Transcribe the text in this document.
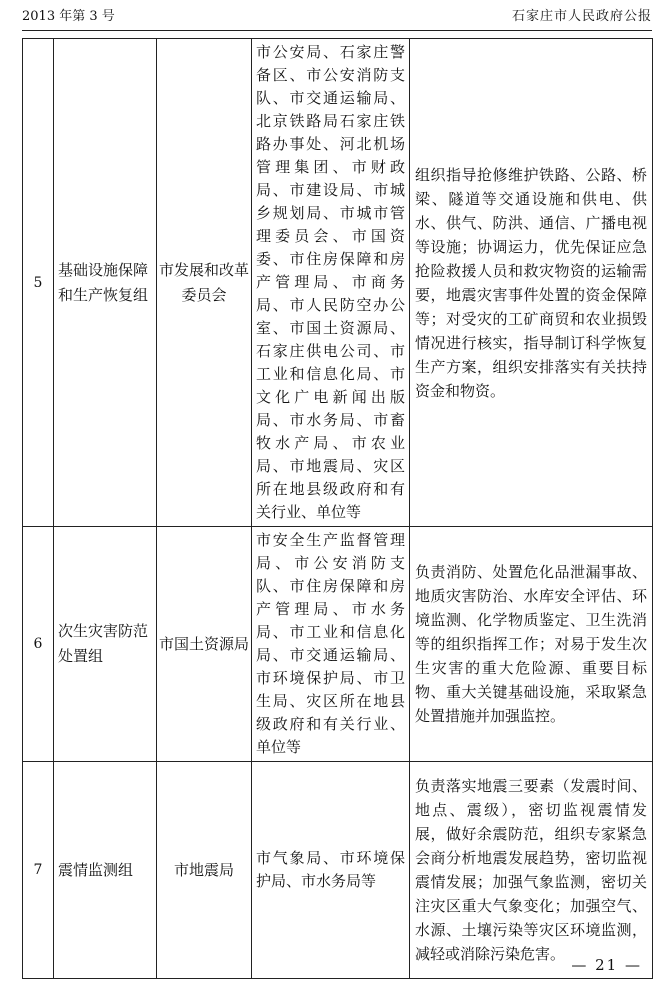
2013 年第 3 号	石家庄市人民政府公报
5	基础设施保障和生产恢复组	市发展和改革委员会	市公安局、石家庄警备区、市公安消防支队、市交通运输局、北京铁路局石家庄铁路办事处、河北机场管理集团、市财政局、市建设局、市城乡规划局、市城市管理委员会、市国资委、市住房保障和房产管理局、市商务局、市人民防空办公室、市国土资源局、石家庄供电公司、市工业和信息化局、市文化广电新闻出版局、市水务局、市畜牧水产局、市农业局、市地震局、灾区所在地县级政府和有关行业、单位等	组织指导抢修维护铁路、公路、桥梁、隧道等交通设施和供电、供水、供气、防洪、通信、广播电视等设施；协调运力，优先保证应急抢险救援人员和救灾物资的运输需要，地震灾害事件处置的资金保障等；对受灾的工矿商贸和农业损毁情况进行核实，指导制订科学恢复生产方案，组织安排落实有关扶持资金和物资。
6	次生灾害防范处置组	市国土资源局	市安全生产监督管理局、市公安消防支队、市住房保障和房产管理局、市水务局、市工业和信息化局、市交通运输局、市环境保护局、市卫生局、灾区所在地县级政府和有关行业、单位等	负责消防、处置危化品泄漏事故、地质灾害防治、水库安全评估、环境监测、化学物质鉴定、卫生洗消等的组织指挥工作；对易于发生次生灾害的重大危险源、重要目标物、重大关键基础设施，采取紧急处置措施并加强监控。
7	震情监测组	市地震局	市气象局、市环境保护局、市水务局等	负责落实地震三要素（发震时间、地点、震级），密切监视震情发展，做好余震防范，组织专家紧急会商分析地震发展趋势，密切监视震情发展；加强气象监测，密切关注灾区重大气象变化；加强空气、水源、土壤污染等灾区环境监测，减轻或消除污染危害。
— 21 —
